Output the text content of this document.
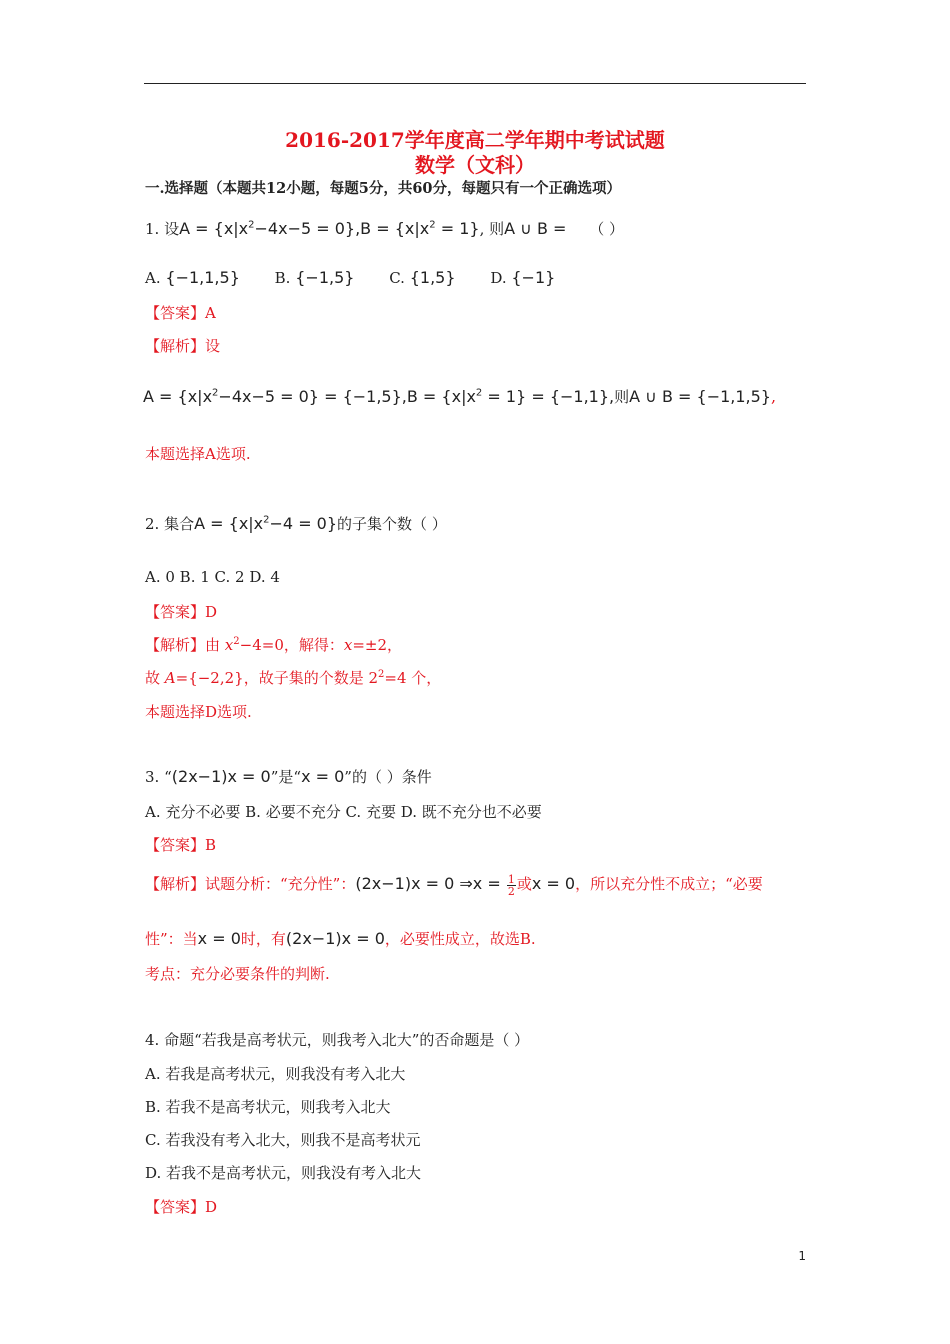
2016-2017学年度高二学年期中考试试题
数学（文科）
一.选择题（本题共12小题，每题5分，共60分，每题只有一个正确选项）
1. 设$A = \{x|x^2-4x-5 = 0\},B = \{x|x^2 = 1\}$, 则A ∪ B = （ ）
A. {−1,1,5} B. {−1,5} C. {1,5} D. {−1}
【答案】A
【解析】设
$A = \{x|x^2-4x-5 = 0\} = \{-1,5\},B = \{x|x^2 = 1\} = \{-1,1\}$,则A ∪ B = {−1,1,5},
本题选择A选项.
2. 集合$A = \{x|x^2-4 = 0\}$的子集个数（ ）
A. 0 B. 1 C. 2 D. 4
【答案】D
【解析】由 $x^2-4=0$，解得：x=±2，
故 A={−2,2}，故子集的个数是 $2^2=4$ 个，
本题选择D选项.
3. “(2x−1)x = 0”是“x = 0”的（ ）条件
A. 充分不必要 B. 必要不充分 C. 充要 D. 既不充分也不必要
【答案】B
【解析】试题分析：“充分性”：(2x−1)x = 0 ⇒x = $\frac{1}{2}$ 或x = 0，所以充分性不成立；“必要
性”：当x = 0时，有(2x−1)x = 0，必要性成立，故选B.
考点：充分必要条件的判断.
4. 命题“若我是高考状元，则我考入北大”的否命题是（ ）
A. 若我是高考状元，则我没有考入北大
B. 若我不是高考状元，则我考入北大
C. 若我没有考入北大，则我不是高考状元
D. 若我不是高考状元，则我没有考入北大
【答案】D
1
